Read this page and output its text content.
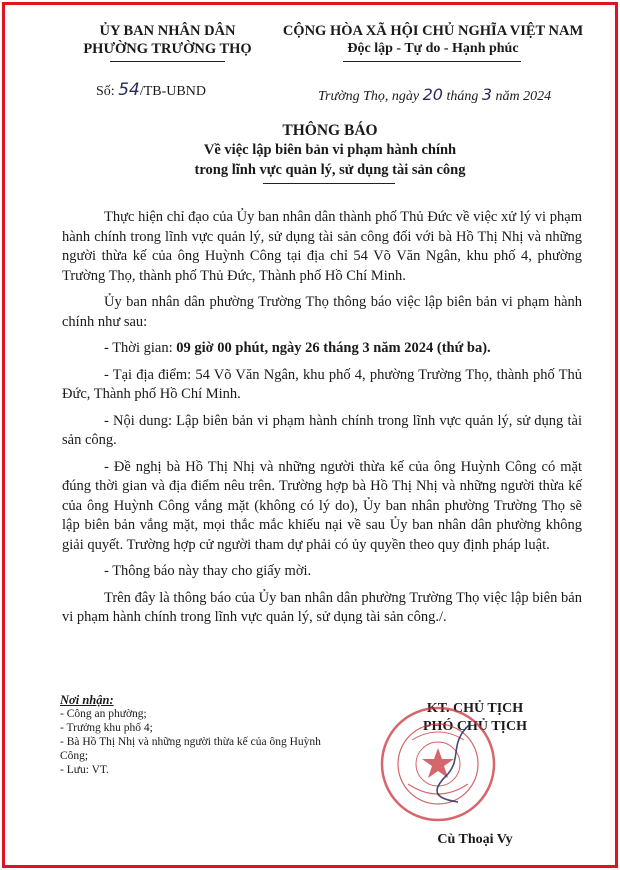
ỦY BAN NHÂN DÂN
PHƯỜNG TRƯỜNG THỌ
CỘNG HÒA XÃ HỘI CHỦ NGHĨA VIỆT NAM
Độc lập - Tự do - Hạnh phúc
Số: 54/TB-UBND	Trường Thọ, ngày 20 tháng 3 năm 2024
THÔNG BÁO
Về việc lập biên bản vi phạm hành chính
trong lĩnh vực quản lý, sử dụng tài sản công

Thực hiện chỉ đạo của Ủy ban nhân dân thành phố Thủ Đức về việc xử lý vi phạm hành chính trong lĩnh vực quản lý, sử dụng tài sản công đối với bà Hồ Thị Nhị và những người thừa kế của ông Huỳnh Công tại địa chỉ 54 Võ Văn Ngân, khu phố 4, phường Trường Thọ, thành phố Thủ Đức, Thành phố Hồ Chí Minh.

Ủy ban nhân dân phường Trường Thọ thông báo việc lập biên bản vi phạm hành chính như sau:

- Thời gian: 09 giờ 00 phút, ngày 26 tháng 3 năm 2024 (thứ ba).

- Tại địa điểm: 54 Võ Văn Ngân, khu phố 4, phường Trường Thọ, thành phố Thủ Đức, Thành phố Hồ Chí Minh.

- Nội dung: Lập biên bản vi phạm hành chính trong lĩnh vực quản lý, sử dụng tài sản công.

- Đề nghị bà Hồ Thị Nhị và những người thừa kế của ông Huỳnh Công có mặt đúng thời gian và địa điểm nêu trên. Trường hợp bà Hồ Thị Nhị và những người thừa kế của ông Huỳnh Công vắng mặt (không có lý do), Ủy ban nhân phường Trường Thọ sẽ lập biên bản vắng mặt, mọi thắc mắc khiếu nại về sau Ủy ban nhân dân phường không giải quyết. Trường hợp cử người tham dự phải có ủy quyền theo quy định pháp luật.

- Thông báo này thay cho giấy mời.

Trên đây là thông báo của Ủy ban nhân dân phường Trường Thọ việc lập biên bản vi phạm hành chính trong lĩnh vực quản lý, sử dụng tài sản công./.

Nơi nhận:
- Công an phường;
- Trưởng khu phố 4;
- Bà Hồ Thị Nhị và những người thừa kế của ông Huỳnh Công;
- Lưu: VT.
KT. CHỦ TỊCH
PHÓ CHỦ TỊCH
Cù Thoại Vy
